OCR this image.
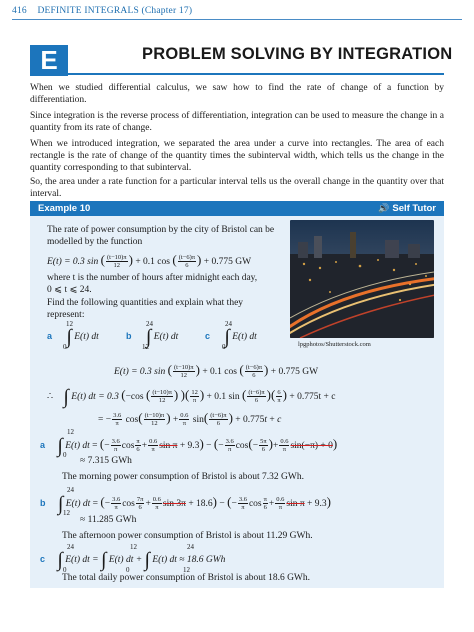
416 DEFINITE INTEGRALS (Chapter 17)
E	PROBLEM SOLVING BY INTEGRATION
When we studied differential calculus, we saw how to find the rate of change of a function by differentiation.
Since integration is the reverse process of differentiation, integration can be used to measure the change in a quantity from its rate of change.
When we introduced integration, we separated the area under a curve into rectangles. The area of each rectangle is the rate of change of the quantity times the subinterval width, which tells us the change in the quantity corresponding to that subinterval.
So, the area under a rate function for a particular interval tells us the overall change in the quantity over that interval.
Example 10	🔊 Self Tutor
The rate of power consumption by the city of Bristol can be
modelled by the function
E(t) = 0.3 sin ( $\frac{(t-10)\pi}{12}$ ) + 0.1 cos ( $\frac{(t-6)\pi}{6}$ ) + 0.775 GW
where t is the number of hours after midnight each day,
0 ⩽ t ⩽ 24.
Find the following quantities and explain what they
represent:
a ∫ E(t) dt
12
0
b ∫ E(t) dt
24
12
c ∫ E(t) dt
24
0	lpgphotos/Shutterstock.com
E(t) = 0.3 sin ( $\frac{(t-10)\pi}{12}$ ) + 0.1 cos ( $\frac{(t-6)\pi}{6}$ ) + 0.775 GW
∴ ∫ E(t) dt = 0.3 (−cos ( $\frac{(t-10)\pi}{12}$ ) )( $\frac{12}{\pi}$ ) + 0.1 sin ( $\frac{(t-6)\pi}{6}$ )( $\frac{6}{\pi}$ ) + 0.775t + c
= − $\frac{3.6}{\pi} \cos( \frac{(t-10)\pi}{12}$ ) + $\frac{0.6}{\pi} \sin( \frac{(t-6)\pi}{6}$ ) + 0.775t + c
a ∫ E(t) dt = (− $\frac{3.6}{\pi}$ $\cos \frac{\pi}{6} + \frac{0.6}{\pi}$ sin π + 9.3) − (− $\frac{3.6}{\pi} \cos(- \frac{5\pi}{6}$ )+ $\frac{0.6}{\pi} \sin(-\pi) + 0$)
12
0
≈ 7.315 GWh
The morning power consumption of Bristol is about 7.32 GWh.
b ∫ E(t) dt = (− $\frac{3.6}{\pi}$ $\cos \frac{7\pi}{6} + \frac{0.6}{\pi}$ sin 3π + 18.6) − (− $\frac{3.6}{\pi}$ $\cos \frac{\pi}{6} + \frac{0.6}{\pi}$ sin π + 9.3)
24
12
≈ 11.285 GWh
The afternoon power consumption of Bristol is about 11.29 GWh.
c ∫ E(t) dt = ∫ E(t) dt + ∫ E(t) dt ≈ 18.6 GWh
24
0
12
0
24
12
The total daily power consumption of Bristol is about 18.6 GWh.
